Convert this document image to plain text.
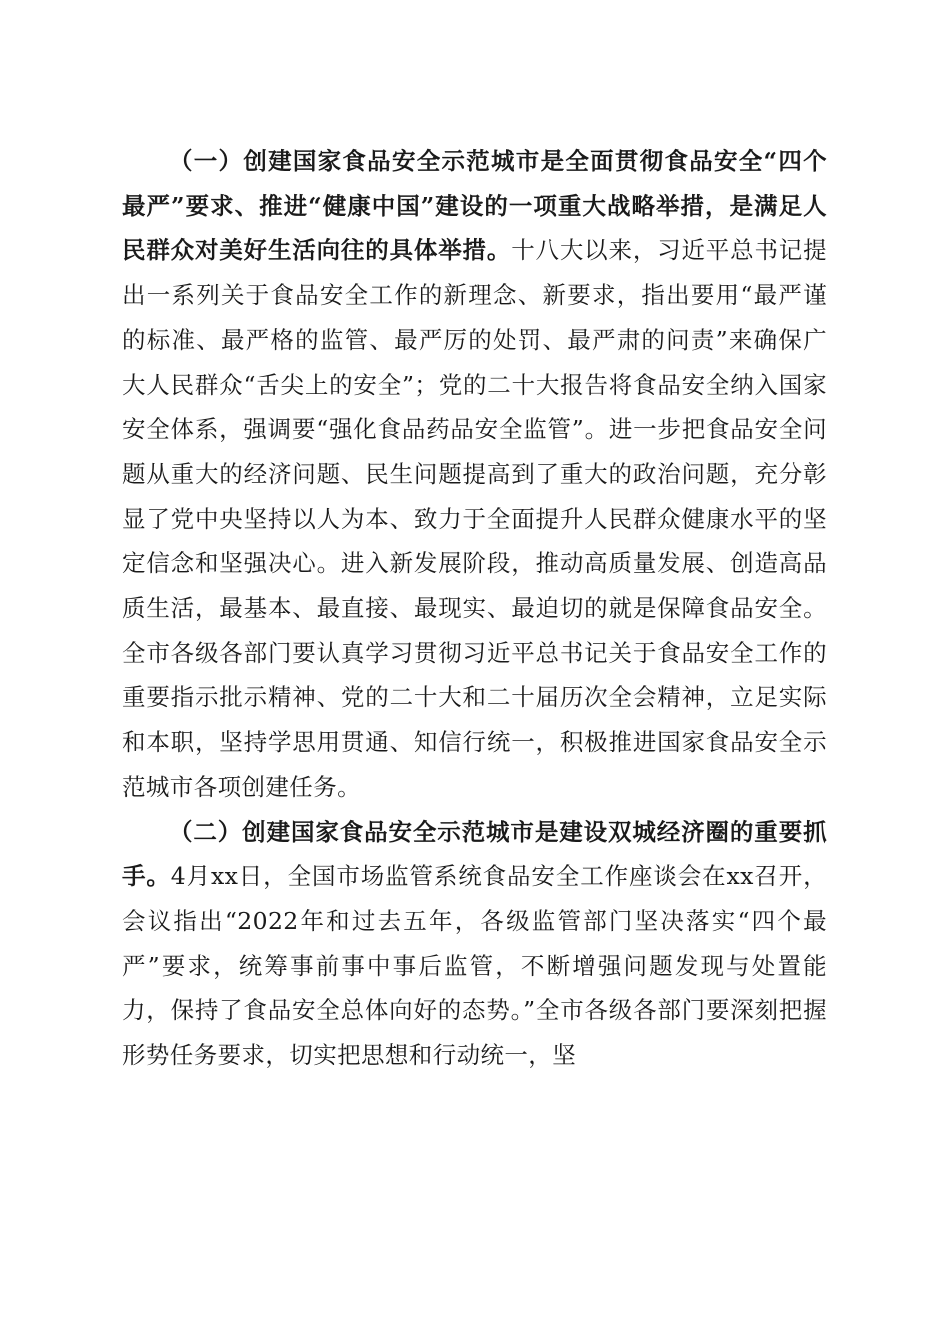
（一）创建国家食品安全示范城市是全面贯彻食品安全“四个最严”要求、推进“健康中国”建设的一项重大战略举措，是满足人民群众对美好生活向往的具体举措。十八大以来，习近平总书记提出一系列关于食品安全工作的新理念、新要求，指出要用“最严谨的标准、最严格的监管、最严厉的处罚、最严肃的问责”来确保广大人民群众“舌尖上的安全”；党的二十大报告将食品安全纳入国家安全体系，强调要“强化食品药品安全监管”。进一步把食品安全问题从重大的经济问题、民生问题提高到了重大的政治问题，充分彰显了党中央坚持以人为本、致力于全面提升人民群众健康水平的坚定信念和坚强决心。进入新发展阶段，推动高质量发展、创造高品质生活，最基本、最直接、最现实、最迫切的就是保障食品安全。全市各级各部门要认真学习贯彻习近平总书记关于食品安全工作的重要指示批示精神、党的二十大和二十届历次全会精神，立足实际和本职，坚持学思用贯通、知信行统一，积极推进国家食品安全示范城市各项创建任务。

（二）创建国家食品安全示范城市是建设双城经济圈的重要抓手。4月xx日，全国市场监管系统食品安全工作座谈会在xx召开，会议指出“2022年和过去五年，各级监管部门坚决落实“四个最严”要求，统筹事前事中事后监管，不断增强问题发现与处置能力，保持了食品安全总体向好的态势。”全市各级各部门要深刻把握形势任务要求，切实把思想和行动统一，坚
